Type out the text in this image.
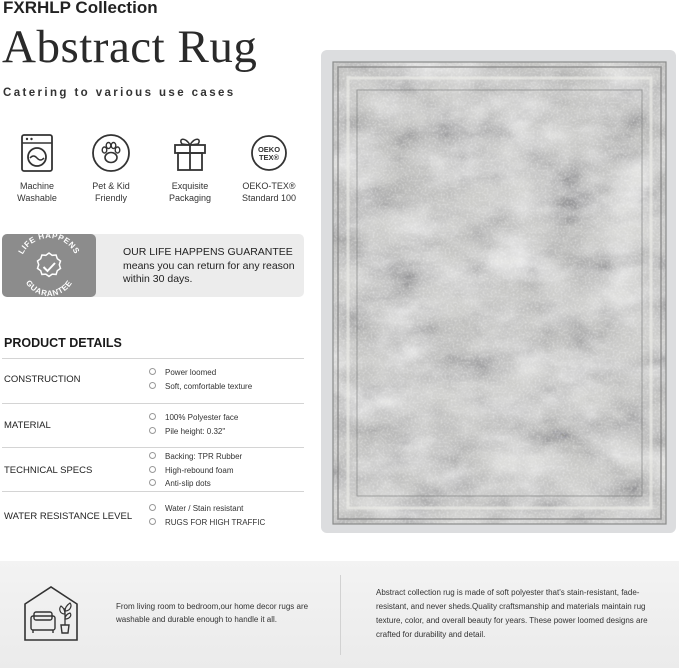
FXRHLP Collection
Abstract Rug
Catering to various use cases
Machine
Washable
Pet & Kid
Friendly
Exquisite
Packaging
OEKO
TEX®
OEKO-TEX®
Standard 100
LIFE HAPPENS
GUARANTEE
OUR LIFE HAPPENS GUARANTEE
means you can return for any reason within 30 days.
PRODUCT DETAILS
CONSTRUCTION
Power loomed
Soft, comfortable texture
MATERIAL
100% Polyester face
Pile height: 0.32"
TECHNICAL SPECS
Backing: TPR Rubber
High-rebound foam
Anti-slip dots
WATER RESISTANCE LEVEL
Water / Stain resistant
RUGS FOR HIGH TRAFFIC
From living room to bedroom,our home decor rugs are washable and durable enough to handle it all.
Abstract collection rug is made of soft polyester that's stain-resistant, fade-resistant, and never sheds.Quality craftsmanship and materials maintain rug texture, color, and overall beauty for years. These power loomed designs are crafted for durability and detail.
